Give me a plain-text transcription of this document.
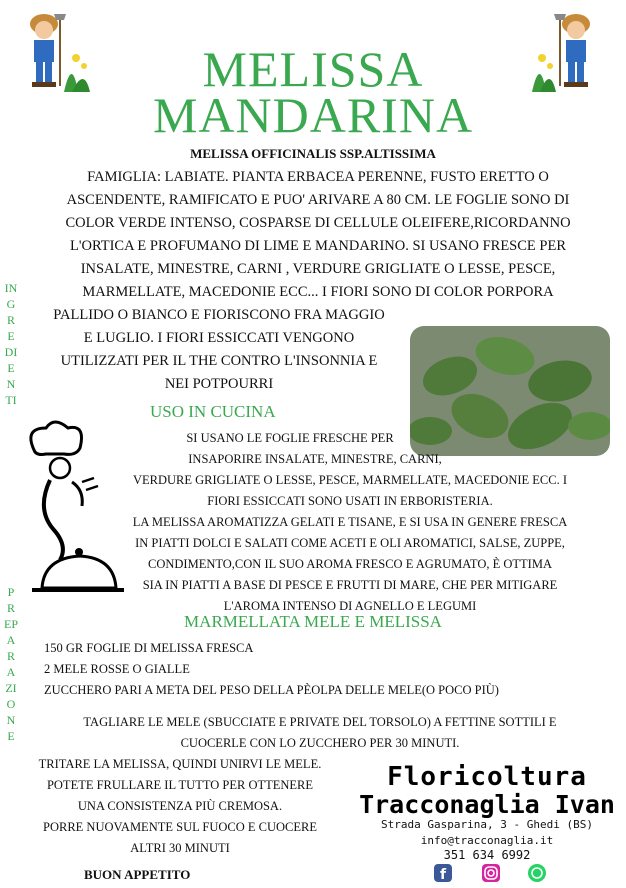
MELISSA
MANDARINA
MELISSA OFFICINALIS SSP.ALTISSIMA
FAMIGLIA: LABIATE. PIANTA ERBACEA PERENNE, FUSTO ERETTO O
ASCENDENTE, RAMIFICATO E PUO' ARIVARE A 80 CM. LE FOGLIE SONO DI
COLOR VERDE INTENSO, COSPARSE DI CELLULE OLEIFERE,RICORDANNO
L'ORTICA E PROFUMANO DI LIME E MANDARINO. SI USANO FRESCE PER
INSALATE, MINESTRE, CARNI , VERDURE GRIGLIATE O LESSE, PESCE,
MARMELLATE, MACEDONIE ECC... I FIORI SONO DI COLOR PORPORA
PALLIDO O BIANCO E FIORISCONO FRA MAGGIO
E LUGLIO. I FIORI ESSICCATI VENGONO
UTILIZZATI PER IL THE CONTRO L'INSONNIA E
NEI POTPOURRI
INGREDIENTI
PREPARAZIONE
USO IN CUCINA
SI USANO LE FOGLIE FRESCHE PER
INSAPORIRE INSALATE, MINESTRE, CARNI,
VERDURE GRIGLIATE O LESSE, PESCE, MARMELLATE, MACEDONIE ECC. I
FIORI ESSICCATI SONO USATI IN ERBORISTERIA.
LA MELISSA AROMATIZZA GELATI E TISANE, E SI USA IN GENERE FRESCA
IN PIATTI DOLCI E SALATI COME ACETI E OLI AROMATICI, SALSE, ZUPPE,
CONDIMENTO,CON IL SUO AROMA FRESCO E AGRUMATO, È OTTIMA
SIA IN PIATTI A BASE DI PESCE E FRUTTI DI MARE, CHE PER MITIGARE
L'AROMA INTENSO DI AGNELLO E LEGUMI
MARMELLATA MELE E MELISSA
150 GR FOGLIE DI MELISSA FRESCA
2 MELE ROSSE O GIALLE
ZUCCHERO PARI A META DEL PESO DELLA PÈOLPA DELLE MELE(O POCO PIÙ)
TAGLIARE LE MELE (SBUCCIATE E PRIVATE DEL TORSOLO) A FETTINE SOTTILI E
CUOCERLE CON LO ZUCCHERO PER 30 MINUTI.
TRITARE LA MELISSA, QUINDI UNIRVI LE MELE.
POTETE FRULLARE IL TUTTO PER OTTENERE
UNA CONSISTENZA PIÙ CREMOSA.
PORRE NUOVAMENTE SUL FUOCO E CUOCERE
ALTRI 30 MINUTI
BUON APPETITO
Floricoltura
Tracconaglia Ivan
Strada Gasparina, 3 - Ghedi (BS)
info@tracconaglia.it
351 634 6992
f
